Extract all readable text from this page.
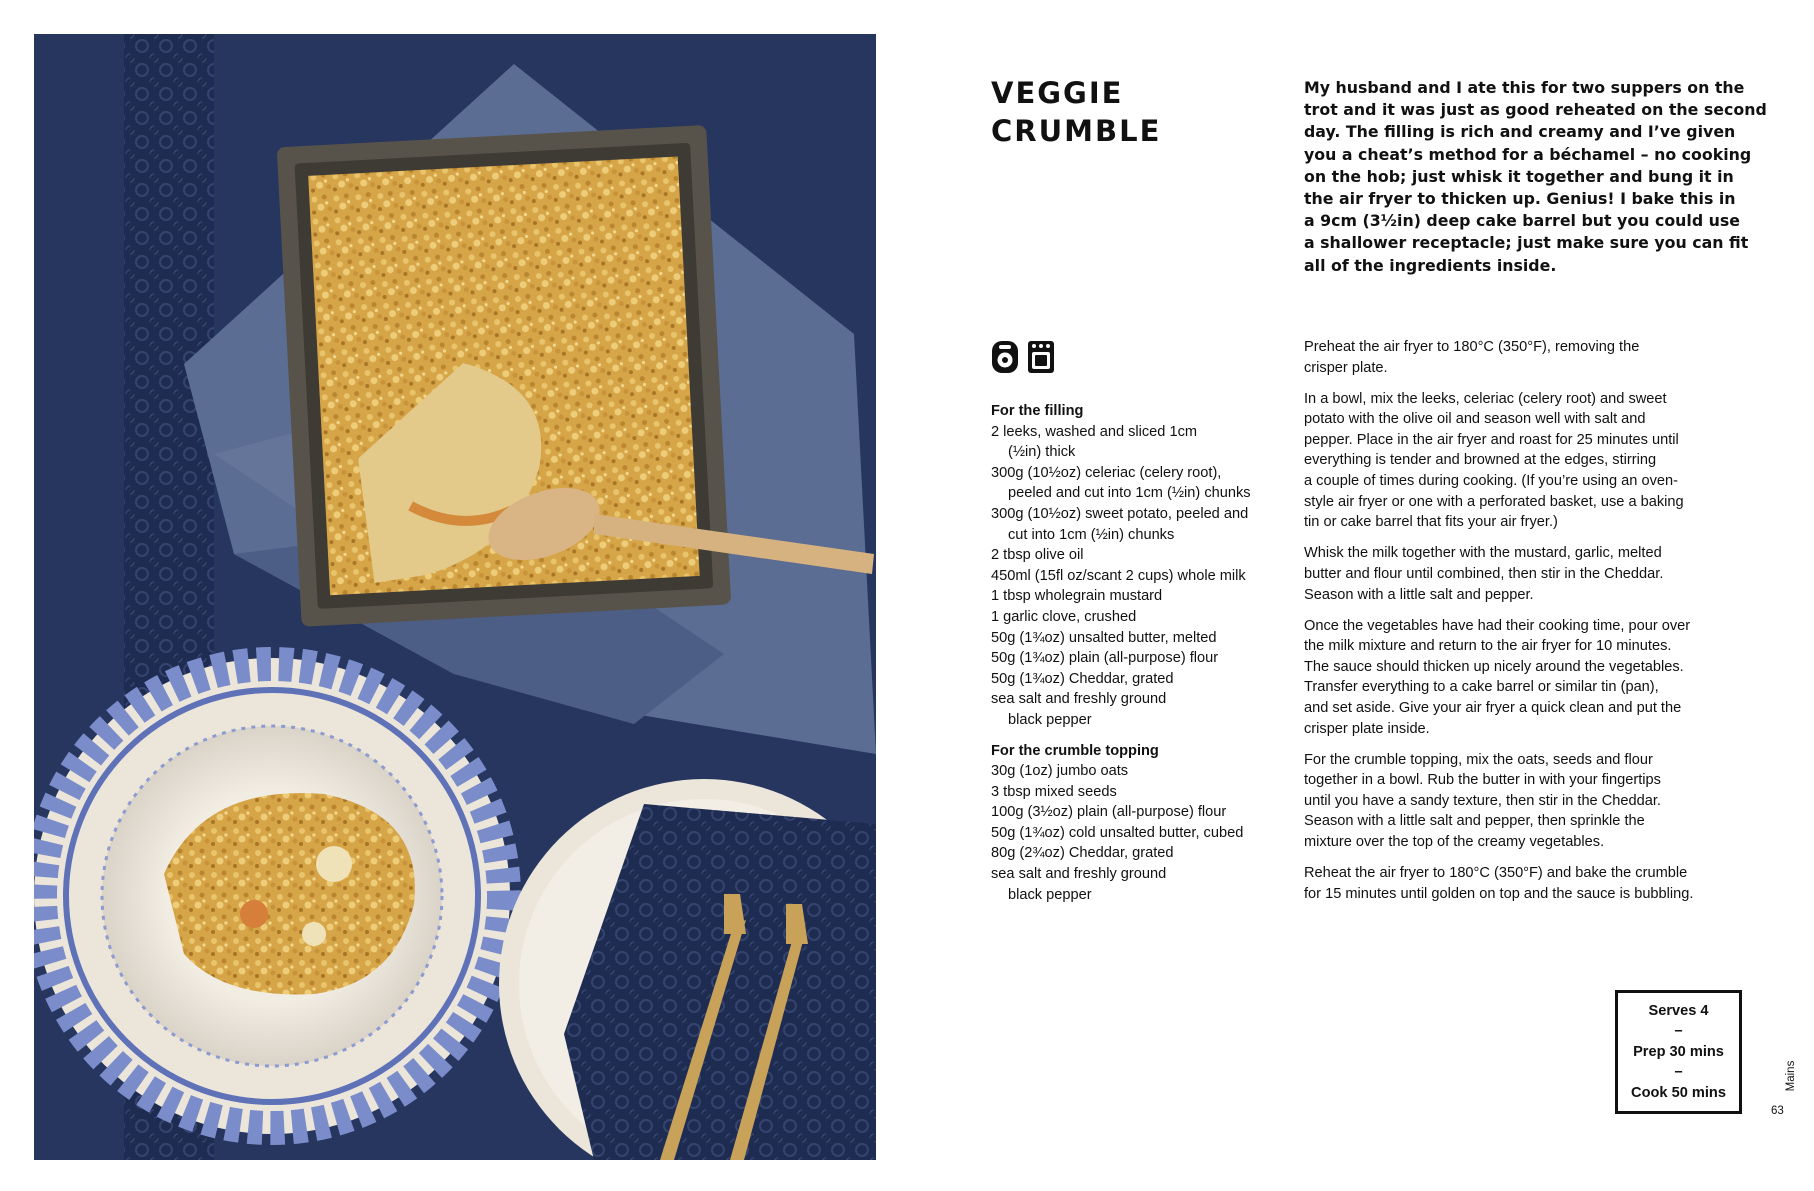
VEGGIE
CRUMBLE
My husband and I ate this for two suppers on the
trot and it was just as good reheated on the second
day. The filling is rich and creamy and I’ve given
you a cheat’s method for a béchamel – no cooking
on the hob; just whisk it together and bung it in
the air fryer to thicken up. Genius! I bake this in
a 9cm (3½in) deep cake barrel but you could use
a shallower receptacle; just make sure you can fit
all of the ingredients inside.
For the filling
2 leeks, washed and sliced 1cm
(½in) thick
300g (10½oz) celeriac (celery root),
peeled and cut into 1cm (½in) chunks
300g (10½oz) sweet potato, peeled and
cut into 1cm (½in) chunks
2 tbsp olive oil
450ml (15fl oz/scant 2 cups) whole milk
1 tbsp wholegrain mustard
1 garlic clove, crushed
50g (1¾oz) unsalted butter, melted
50g (1¾oz) plain (all-purpose) flour
50g (1¾oz) Cheddar, grated
sea salt and freshly ground
black pepper
For the crumble topping
30g (1oz) jumbo oats
3 tbsp mixed seeds
100g (3½oz) plain (all-purpose) flour
50g (1¾oz) cold unsalted butter, cubed
80g (2¾oz) Cheddar, grated
sea salt and freshly ground
black pepper

Preheat the air fryer to 180°C (350°F), removing the
crisper plate.

In a bowl, mix the leeks, celeriac (celery root) and sweet
potato with the olive oil and season well with salt and
pepper. Place in the air fryer and roast for 25 minutes until
everything is tender and browned at the edges, stirring
a couple of times during cooking. (If you’re using an oven-
style air fryer or one with a perforated basket, use a baking
tin or cake barrel that fits your air fryer.)

Whisk the milk together with the mustard, garlic, melted
butter and flour until combined, then stir in the Cheddar.
Season with a little salt and pepper.

Once the vegetables have had their cooking time, pour over
the milk mixture and return to the air fryer for 10 minutes.
The sauce should thicken up nicely around the vegetables.
Transfer everything to a cake barrel or similar tin (pan),
and set aside. Give your air fryer a quick clean and put the
crisper plate inside.

For the crumble topping, mix the oats, seeds and flour
together in a bowl. Rub the butter in with your fingertips
until you have a sandy texture, then stir in the Cheddar.
Season with a little salt and pepper, then sprinkle the
mixture over the top of the creamy vegetables.

Reheat the air fryer to 180°C (350°F) and bake the crumble
for 15 minutes until golden on top and the sauce is bubbling.

Serves 4
–
Prep 30 mins
–
Cook 50 mins
Mains
63
